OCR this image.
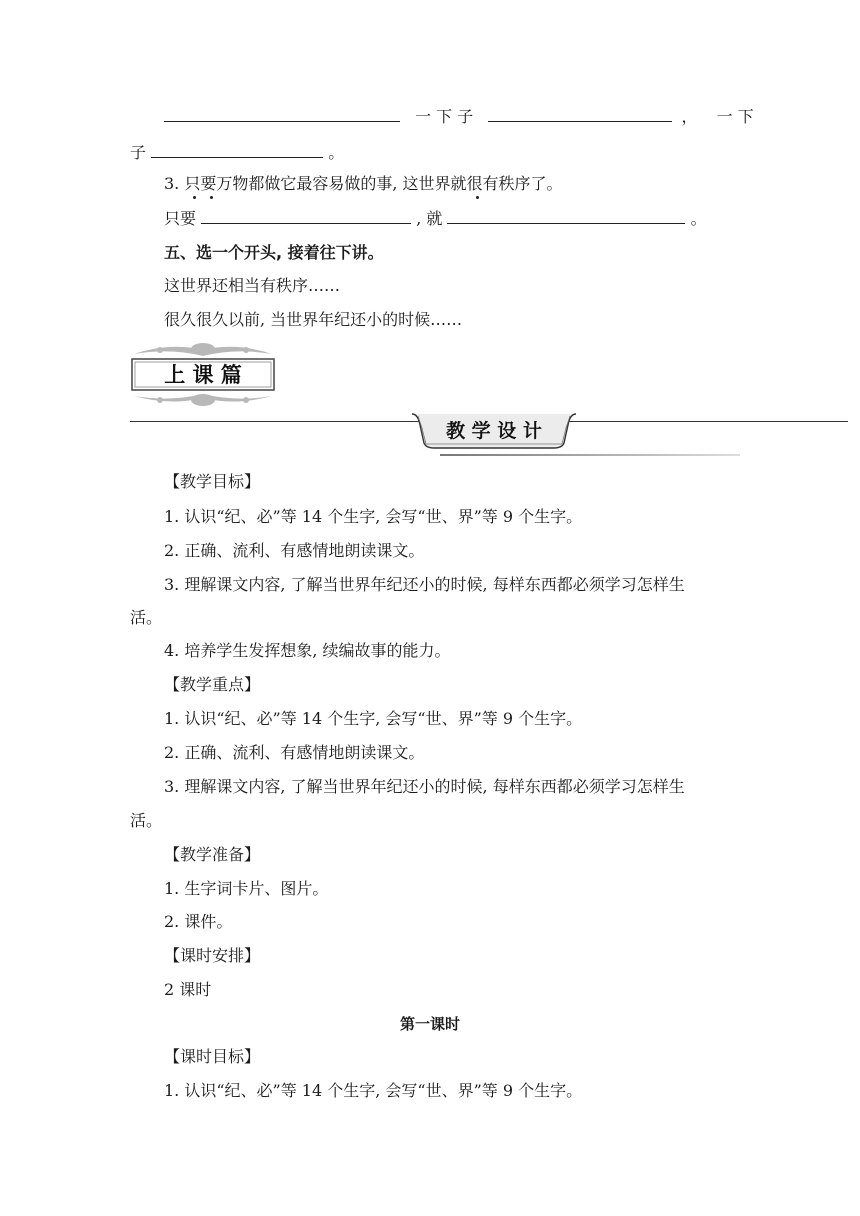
一 下 子	， 一 下
子	。
3. 只要万物都做它最容易做的事, 这世界就很有秩序了。
只要	, 就	。
五、选一个开头, 接着往下讲。
这世界还相当有秩序……
很久很久以前, 当世界年纪还小的时候……
上 课 篇
教 学 设 计
【教学目标】
1. 认识“纪、必”等 14 个生字, 会写“世、界”等 9 个生字。
2. 正确、流利、有感情地朗读课文。
3. 理解课文内容, 了解当世界年纪还小的时候, 每样东西都必须学习怎样生
活。
4. 培养学生发挥想象, 续编故事的能力。
【教学重点】
1. 认识“纪、必”等 14 个生字, 会写“世、界”等 9 个生字。
2. 正确、流利、有感情地朗读课文。
3. 理解课文内容, 了解当世界年纪还小的时候, 每样东西都必须学习怎样生
活。
【教学准备】
1. 生字词卡片、图片。
2. 课件。
【课时安排】
2 课时
第一课时
【课时目标】
1. 认识“纪、必”等 14 个生字, 会写“世、界”等 9 个生字。
